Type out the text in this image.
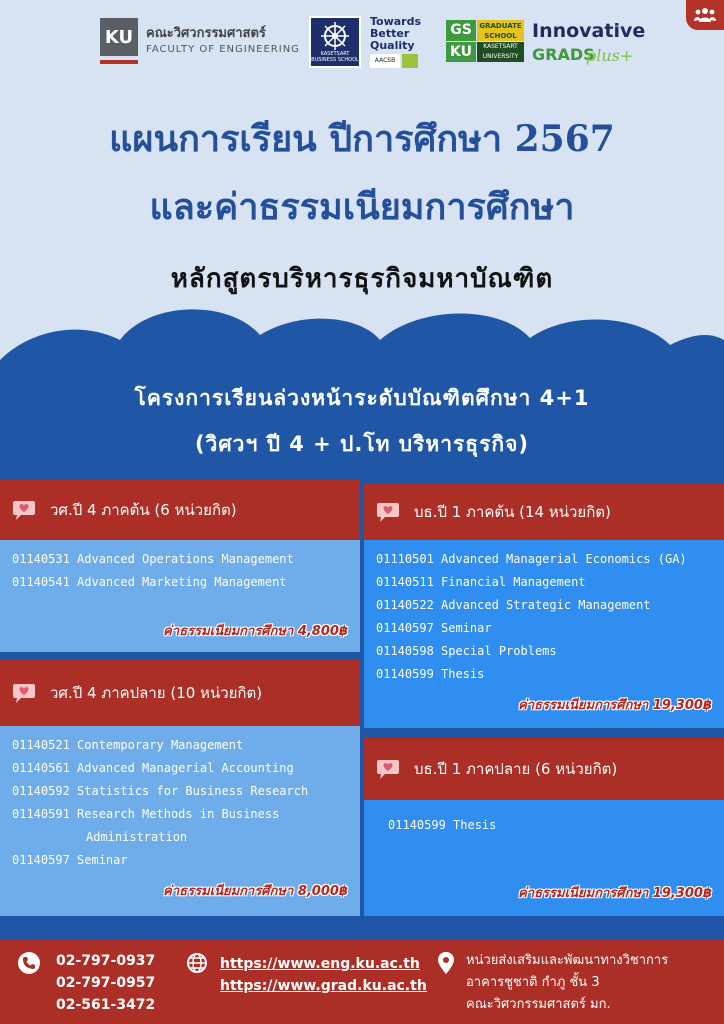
KU คณะวิศวกรรมศาสตร์
FACULTY OF ENGINEERING	KASETSART BUSINESS SCHOOL
Towards
Better
Quality
AACSB
GS	GRADUATE SCHOOL
KU	KASETSART UNIVERSITY
Innovative
GRADS
plus+
แผนการเรียน ปีการศึกษา 2567
และค่าธรรมเนียมการศึกษา
หลักสูตรบริหารธุรกิจมหาบัณฑิต
โครงการเรียนล่วงหน้าระดับบัณฑิตศึกษา 4+1
(วิศวฯ ปี 4 + ป.โท บริหารธุรกิจ)
วศ.ปี 4 ภาคต้น (6 หน่วยกิต)
01140531 Advanced Operations Management
01140541 Advanced Marketing Management
ค่าธรรมเนียมการศึกษา 4,800฿
วศ.ปี 4 ภาคปลาย (10 หน่วยกิต)
01140521 Contemporary Management
01140561 Advanced Managerial Accounting
01140592 Statistics for Business Research
01140591 Research Methods in Business
Administration
01140597 Seminar
ค่าธรรมเนียมการศึกษา 8,000฿
บธ.ปี 1 ภาคต้น (14 หน่วยกิต)
01110501 Advanced Managerial Economics (GA)
01140511 Financial Management
01140522 Advanced Strategic Management
01140597 Seminar
01140598 Special Problems
01140599 Thesis
ค่าธรรมเนียมการศึกษา 19,300฿
บธ.ปี 1 ภาคปลาย (6 หน่วยกิต)
01140599 Thesis
ค่าธรรมเนียมการศึกษา 19,300฿
02-797-0937
02-797-0957
02-561-3472
https://www.eng.ku.ac.th
https://www.grad.ku.ac.th
หน่วยส่งเสริมและพัฒนาทางวิชาการ
อาคารชูชาติ กำภู ชั้น 3
คณะวิศวกรรมศาสตร์ มก.
